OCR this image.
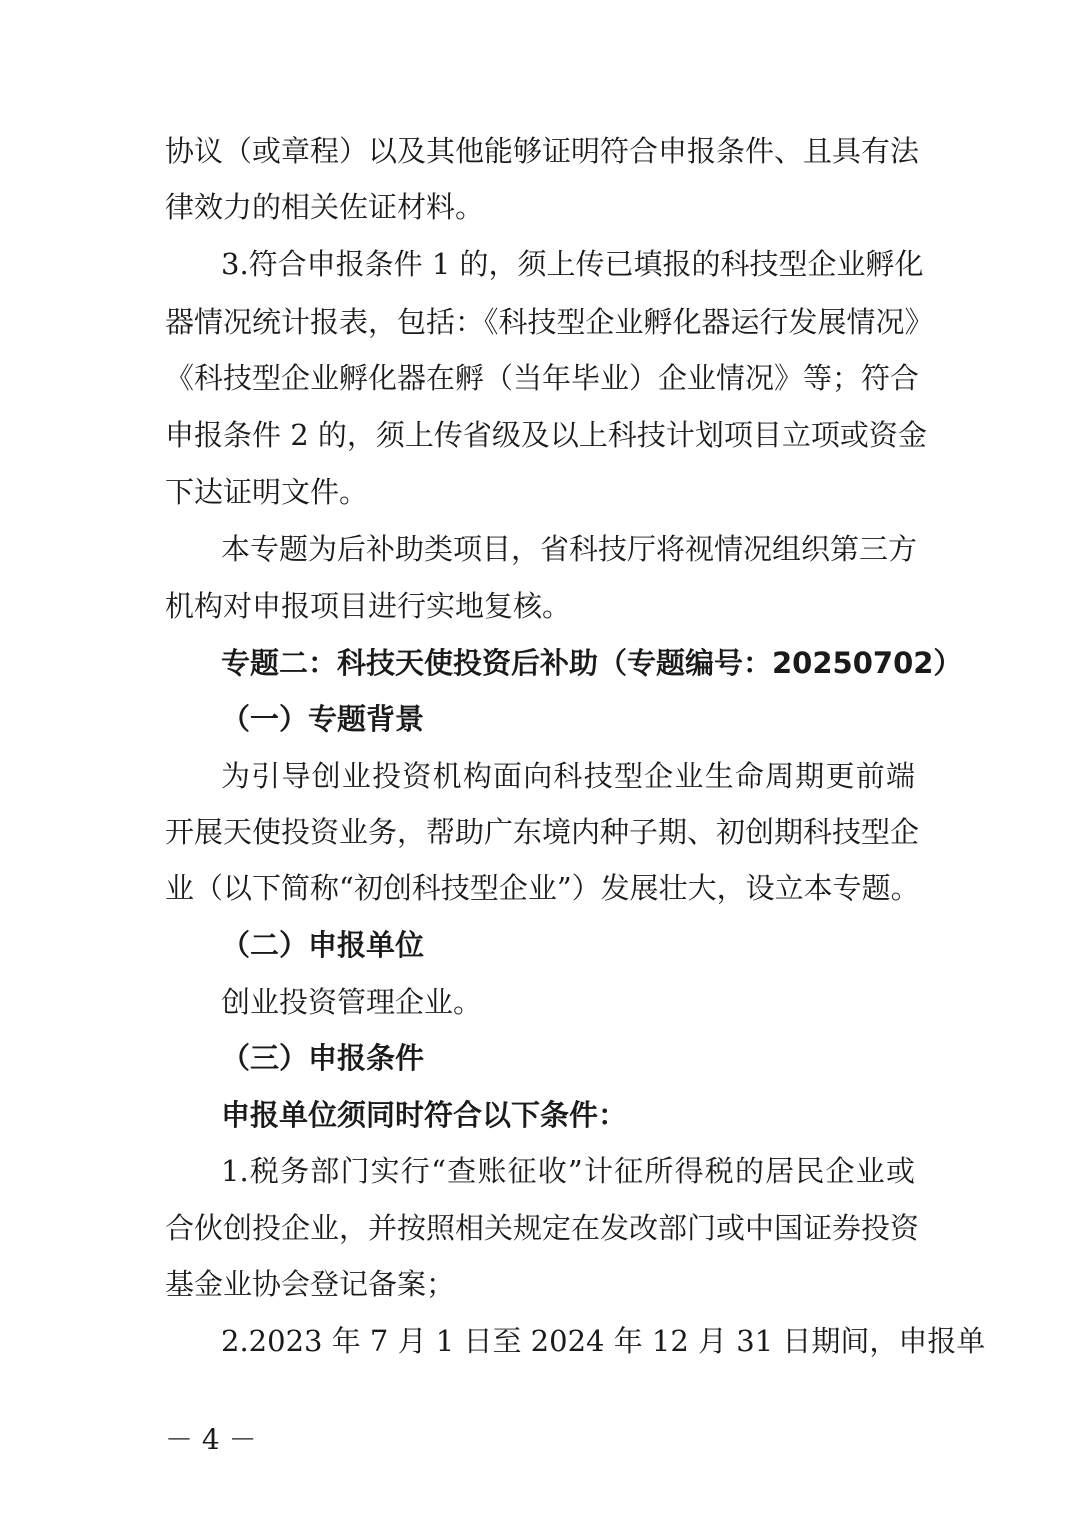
协议（或章程）以及其他能够证明符合申报条件、且具有法
律效力的相关佐证材料。
3.符合申报条件 1 的，须上传已填报的科技型企业孵化
器情况统计报表，包括：《科技型企业孵化器运行发展情况》
《科技型企业孵化器在孵（当年毕业）企业情况》等；符合
申报条件 2 的，须上传省级及以上科技计划项目立项或资金
下达证明文件。
本专题为后补助类项目，省科技厅将视情况组织第三方
机构对申报项目进行实地复核。
专题二：科技天使投资后补助（专题编号：20250702）
（一）专题背景
为引导创业投资机构面向科技型企业生命周期更前端
开展天使投资业务，帮助广东境内种子期、初创期科技型企
业（以下简称“初创科技型企业”）发展壮大，设立本专题。
（二）申报单位
创业投资管理企业。
（三）申报条件
申报单位须同时符合以下条件：
1.税务部门实行“查账征收”计征所得税的居民企业或
合伙创投企业，并按照相关规定在发改部门或中国证券投资
基金业协会登记备案；
2.2023 年 7 月 1 日至 2024 年 12 月 31 日期间，申报单
－ 4 －
